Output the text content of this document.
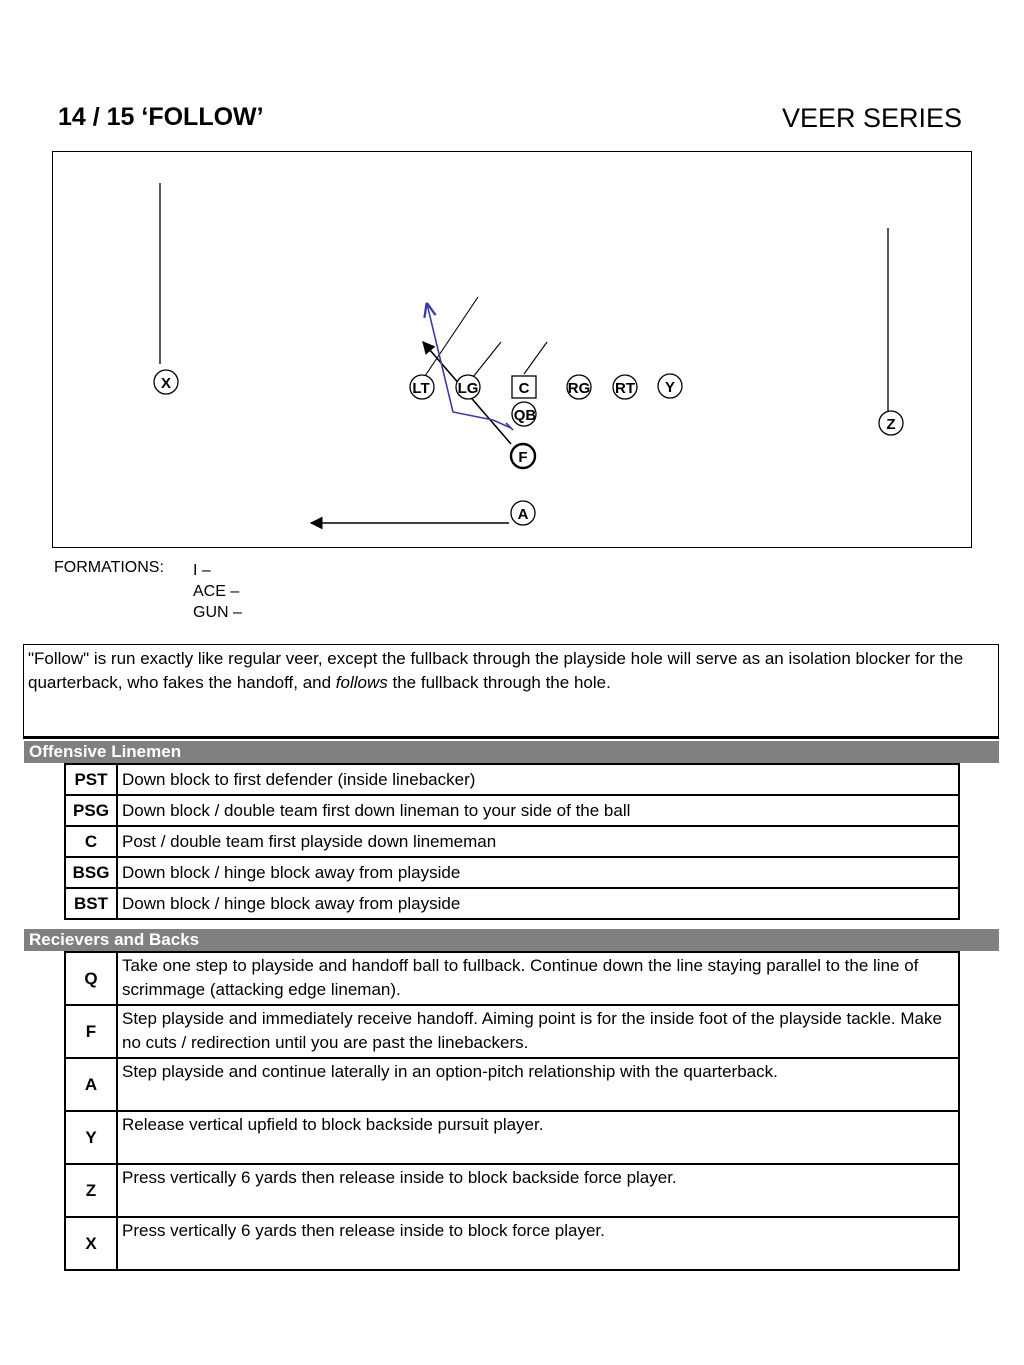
14 / 15 ‘FOLLOW’	VEER SERIES
X	LT LG	C
QB
RG RT Y
Z
F
A
FORMATIONS: I –
ACE –
GUN –
"Follow" is run exactly like regular veer, except the fullback through the playside hole will serve as an isolation blocker for the quarterback, who fakes the handoff, and follows the fullback through the hole.
Offensive Linemen
PST	Down block to first defender (inside linebacker)
PSG	Down block / double team first down lineman to your side of the ball
C	Post / double team first playside down linememan
BSG	Down block / hinge block away from playside
BST	Down block / hinge block away from playside
Recievers and Backs
Q	Take one step to playside and handoff ball to fullback. Continue down the line staying parallel to the line of scrimmage (attacking edge lineman).
F	Step playside and immediately receive handoff. Aiming point is for the inside foot of the playside tackle. Make no cuts / redirection until you are past the linebackers.
A	Step playside and continue laterally in an option-pitch relationship with the quarterback.
Y	Release vertical upfield to block backside pursuit player.
Z	Press vertically 6 yards then release inside to block backside force player.
X	Press vertically 6 yards then release inside to block force player.
